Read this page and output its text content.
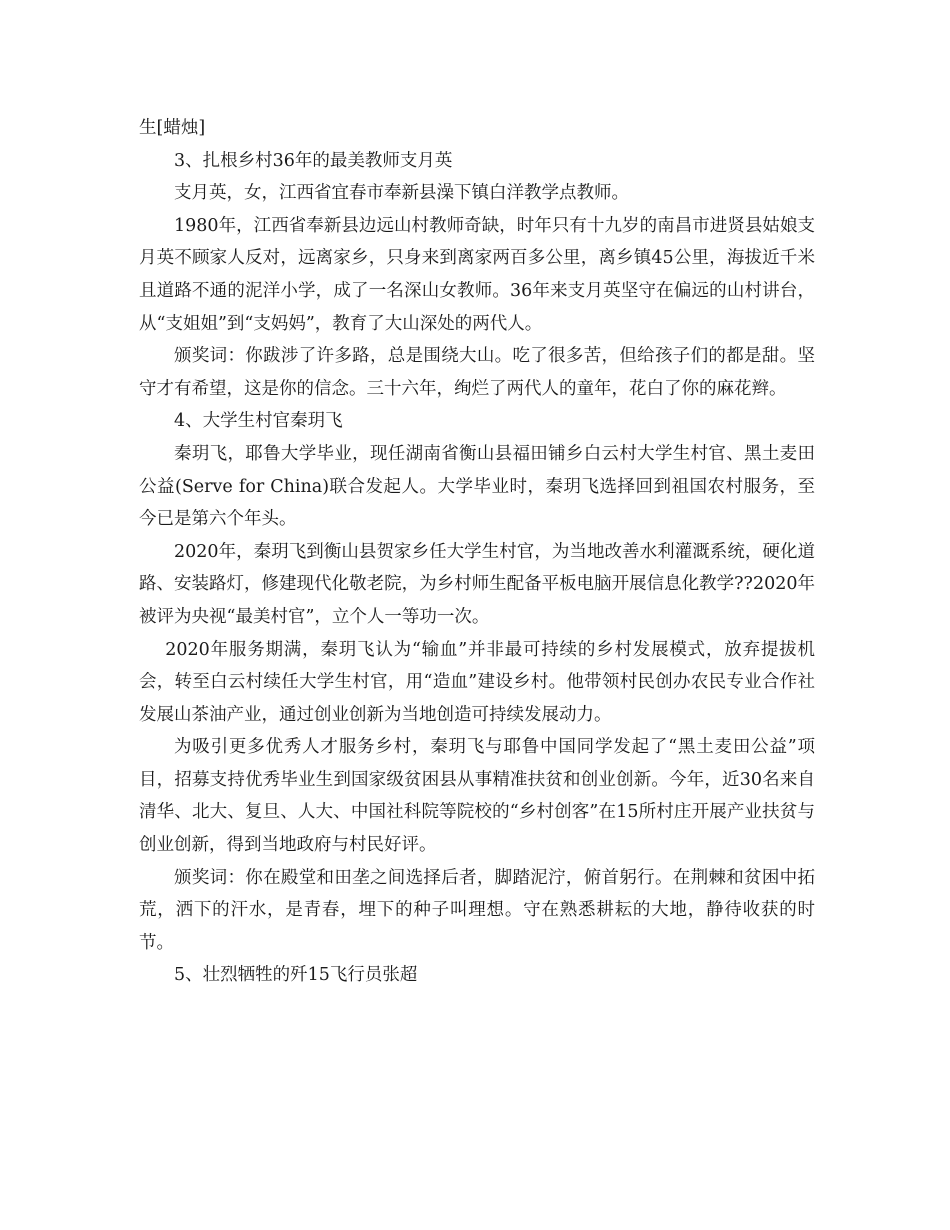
生[蜡烛]

3、扎根乡村36年的最美教师支月英

支月英，女，江西省宜春市奉新县澡下镇白洋教学点教师。

1980年，江西省奉新县边远山村教师奇缺，时年只有十九岁的南昌市进贤县姑娘支月英不顾家人反对，远离家乡，只身来到离家两百多公里，离乡镇45公里，海拔近千米且道路不通的泥洋小学，成了一名深山女教师。36年来支月英坚守在偏远的山村讲台，从“支姐姐”到“支妈妈”，教育了大山深处的两代人。

颁奖词：你跋涉了许多路，总是围绕大山。吃了很多苦，但给孩子们的都是甜。坚守才有希望，这是你的信念。三十六年，绚烂了两代人的童年，花白了你的麻花辫。

4、大学生村官秦玥飞

秦玥飞，耶鲁大学毕业，现任湖南省衡山县福田铺乡白云村大学生村官、黑土麦田公益(Serve for China)联合发起人。大学毕业时，秦玥飞选择回到祖国农村服务，至今已是第六个年头。

2020年，秦玥飞到衡山县贺家乡任大学生村官，为当地改善水利灌溉系统，硬化道路、安装路灯，修建现代化敬老院，为乡村师生配备平板电脑开展信息化教学??2020年被评为央视“最美村官”，立个人一等功一次。

2020年服务期满，秦玥飞认为“输血”并非最可持续的乡村发展模式，放弃提拔机会，转至白云村续任大学生村官，用“造血”建设乡村。他带领村民创办农民专业合作社发展山茶油产业，通过创业创新为当地创造可持续发展动力。

为吸引更多优秀人才服务乡村，秦玥飞与耶鲁中国同学发起了“黑土麦田公益”项目，招募支持优秀毕业生到国家级贫困县从事精准扶贫和创业创新。今年，近30名来自清华、北大、复旦、人大、中国社科院等院校的“乡村创客”在15所村庄开展产业扶贫与创业创新，得到当地政府与村民好评。

颁奖词：你在殿堂和田垄之间选择后者，脚踏泥泞，俯首躬行。在荆棘和贫困中拓荒，洒下的汗水，是青春，埋下的种子叫理想。守在熟悉耕耘的大地，静待收获的时节。

5、壮烈牺牲的歼15飞行员张超
